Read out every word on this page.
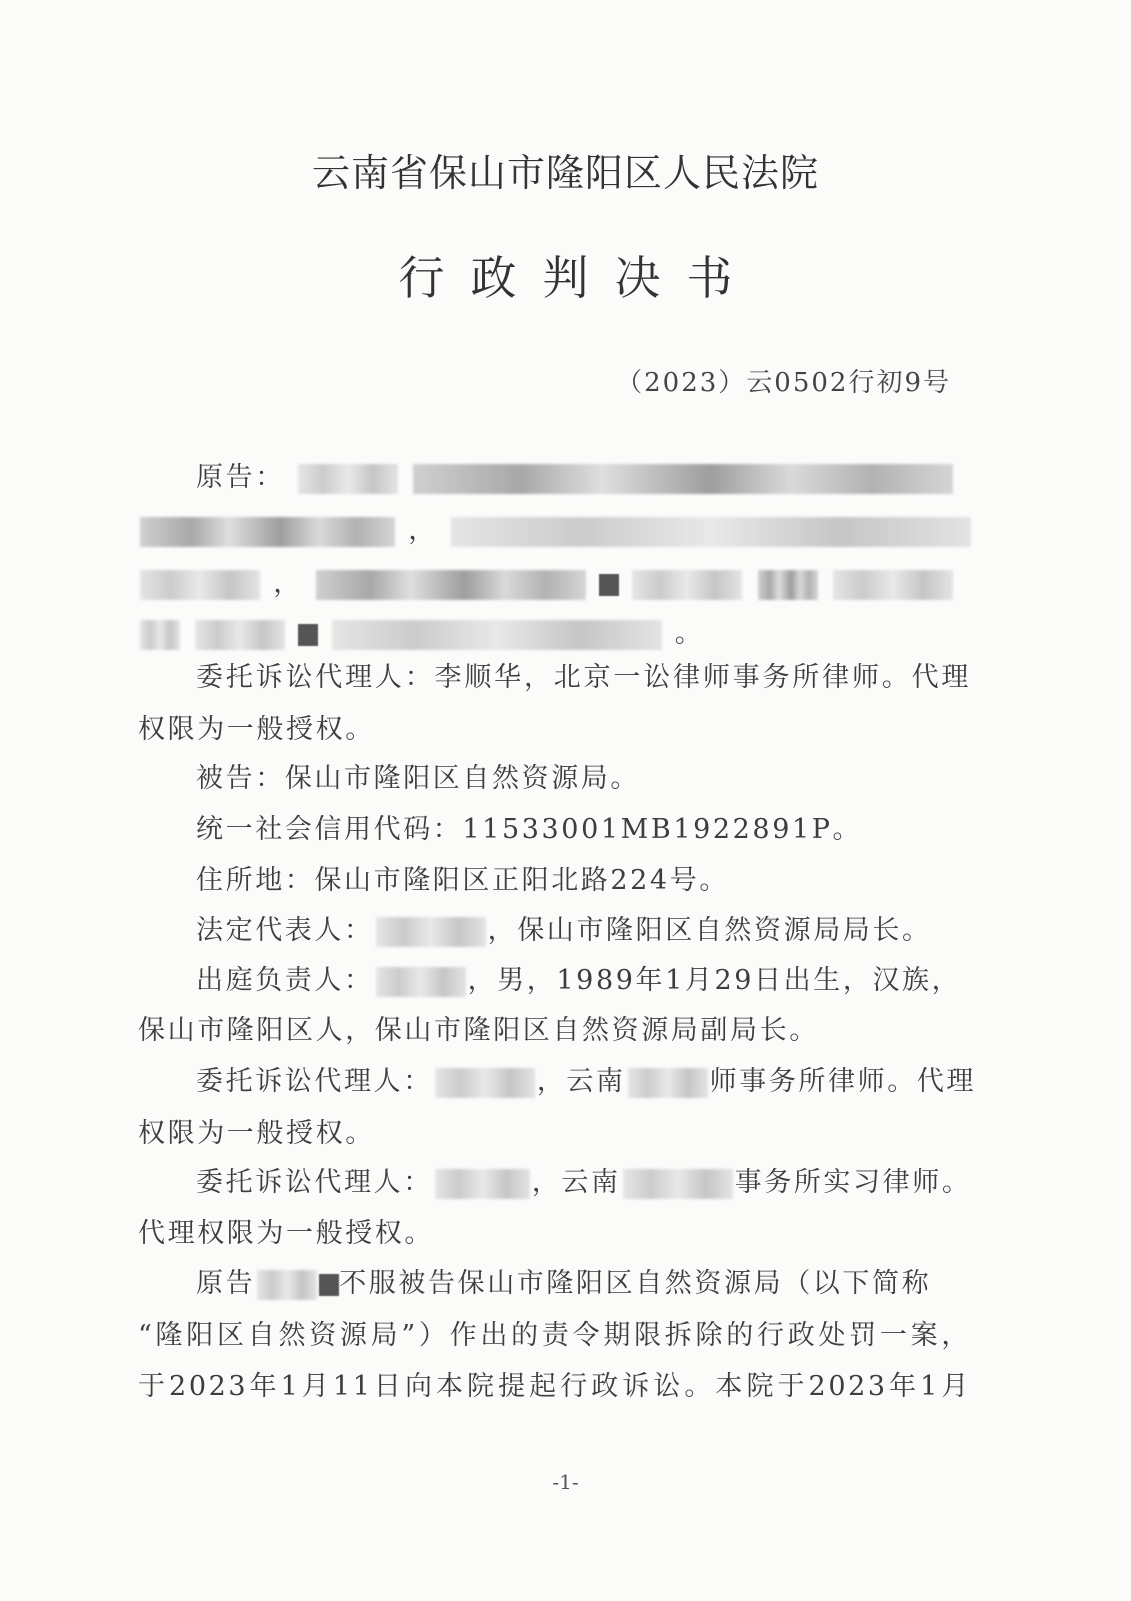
云南省保山市隆阳区人民法院
行政判决书
（2023）云0502行初9号
原告：
，
，
。
委托诉讼代理人：李顺华，北京一讼律师事务所律师。代理
权限为一般授权。
被告：保山市隆阳区自然资源局。
统一社会信用代码：11533001MB1922891P。
住所地：保山市隆阳区正阳北路224号。
法定代表人：	，保山市隆阳区自然资源局局长。
出庭负责人：	，男，1989年1月29日出生，汉族，
保山市隆阳区人，保山市隆阳区自然资源局副局长。
委托诉讼代理人：	，云南	师事务所律师。代理
权限为一般授权。
委托诉讼代理人：	，云南	事务所实习律师。
代理权限为一般授权。
原告	不服被告保山市隆阳区自然资源局（以下简称
“隆阳区自然资源局”）作出的责令期限拆除的行政处罚一案，
于2023年1月11日向本院提起行政诉讼。本院于2023年1月
-1-
